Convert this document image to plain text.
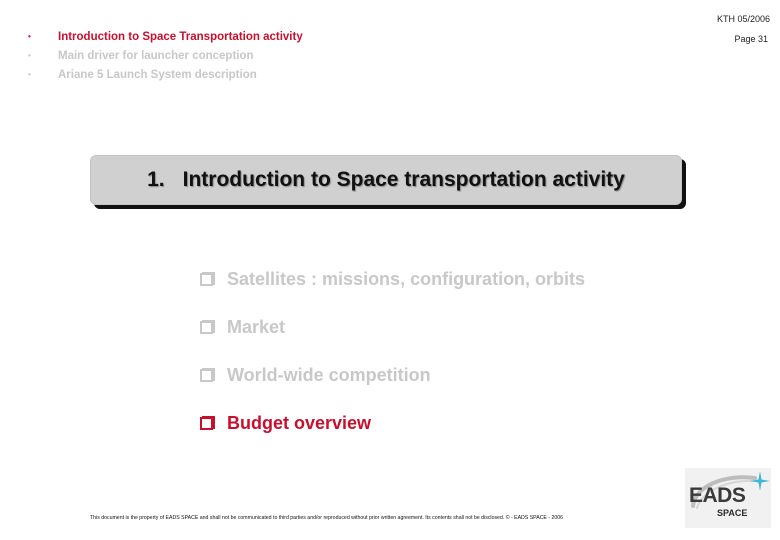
KTH 05/2006
Page 31
•	Introduction to Space Transportation activity
•	Main driver for launcher conception
•	Ariane 5 Launch System description
1. Introduction to Space transportation activity
Satellites : missions, configuration, orbits
Market
World-wide competition
Budget overview
This document is the property of EADS SPACE and shall not be communicated to third parties and/or reproduced without prior written agreement. Its contents shall not be disclosed. © - EADS SPACE - 2006
EADS
SPACE
